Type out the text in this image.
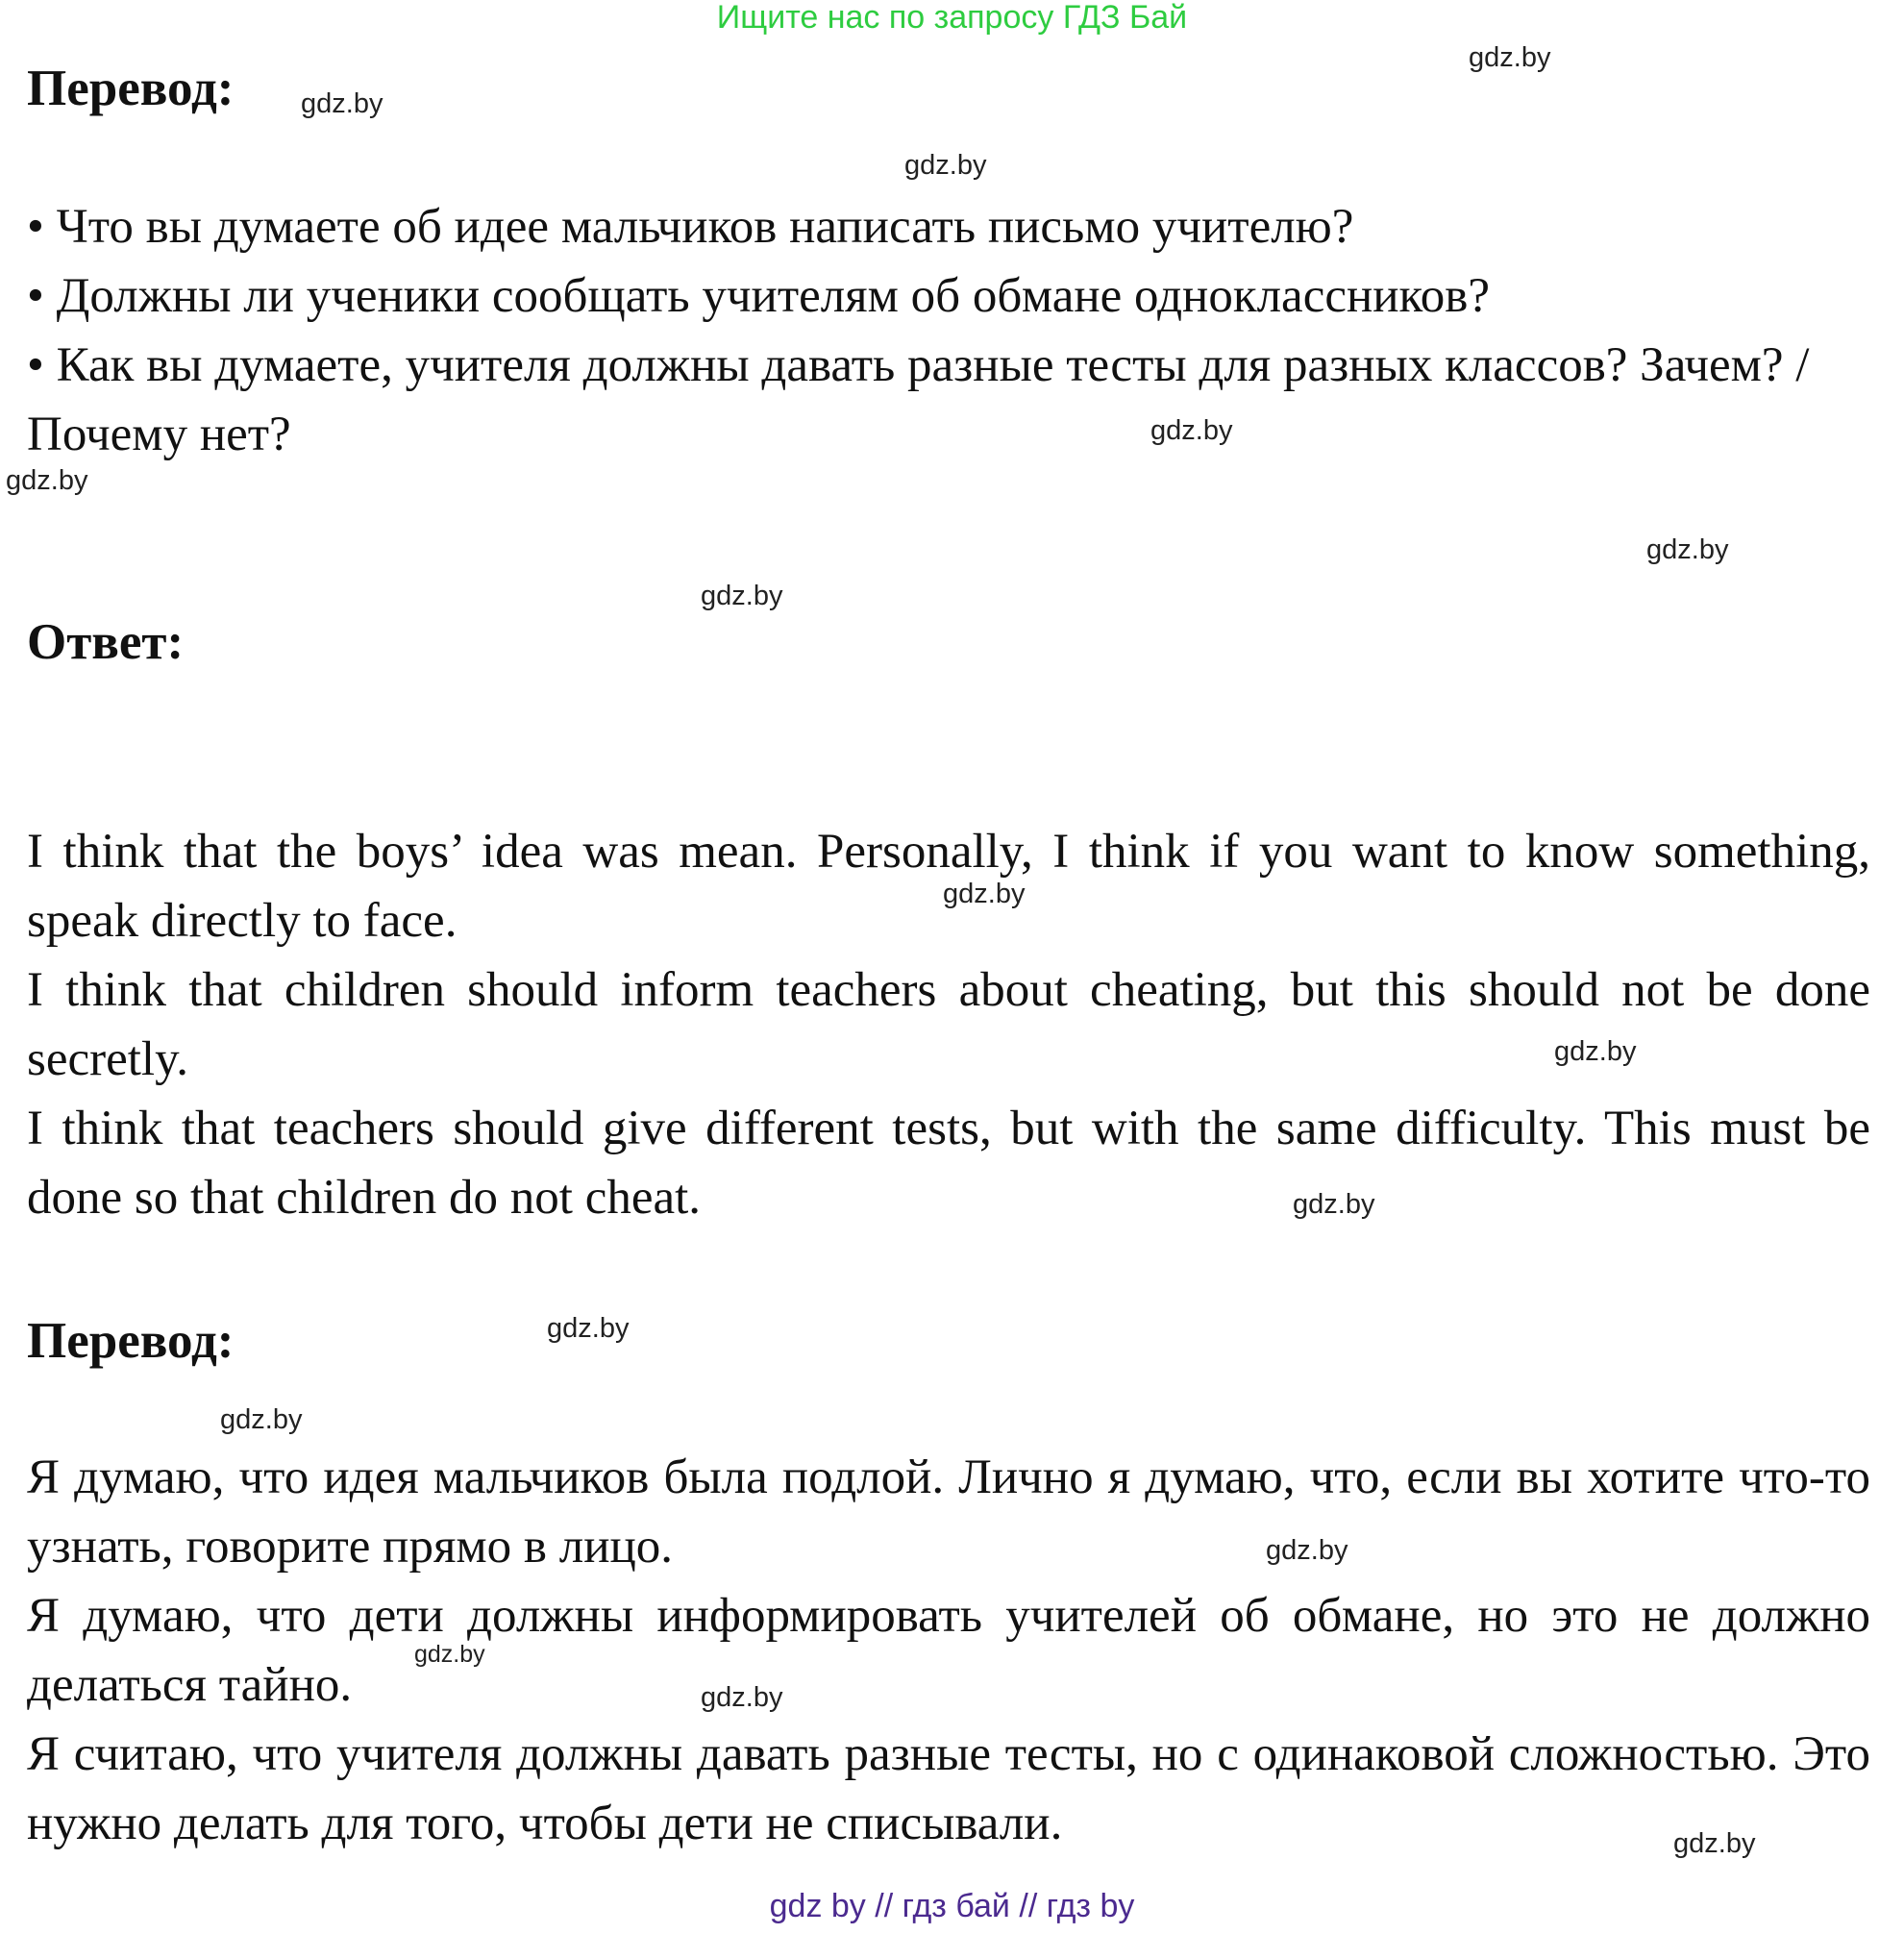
Ищите нас по запросу ГДЗ Бай
Перевод:

• Что вы думаете об идее мальчиков написать письмо учителю?

• Должны ли ученики сообщать учителям об обмане одноклассников?

• Как вы думаете, учителя должны давать разные тесты для разных классов? Зачем? / Почему нет?

Ответ:

I think that the boys’ idea was mean. Personally, I think if you want to know something, speak directly to face.

I think that children should inform teachers about cheating, but this should not be done secretly.

I think that teachers should give different tests, but with the same difficulty. This must be done so that children do not cheat.

Перевод:

Я думаю, что идея мальчиков была подлой. Лично я думаю, что, если вы хотите что-то узнать, говорите прямо в лицо.

Я думаю, что дети должны информировать учителей об обмане, но это не должно делаться тайно.

Я считаю, что учителя должны давать разные тесты, но с одинаковой сложностью. Это нужно делать для того, чтобы дети не списывали.

gdz.by
gdz.by
gdz.by
gdz.by
gdz.by
gdz.by
gdz.by
gdz.by
gdz.by
gdz.by
gdz.by
gdz.by
gdz.by
gdz.by
gdz.by
gdz.by
gdz by // гдз бай // гдз by
